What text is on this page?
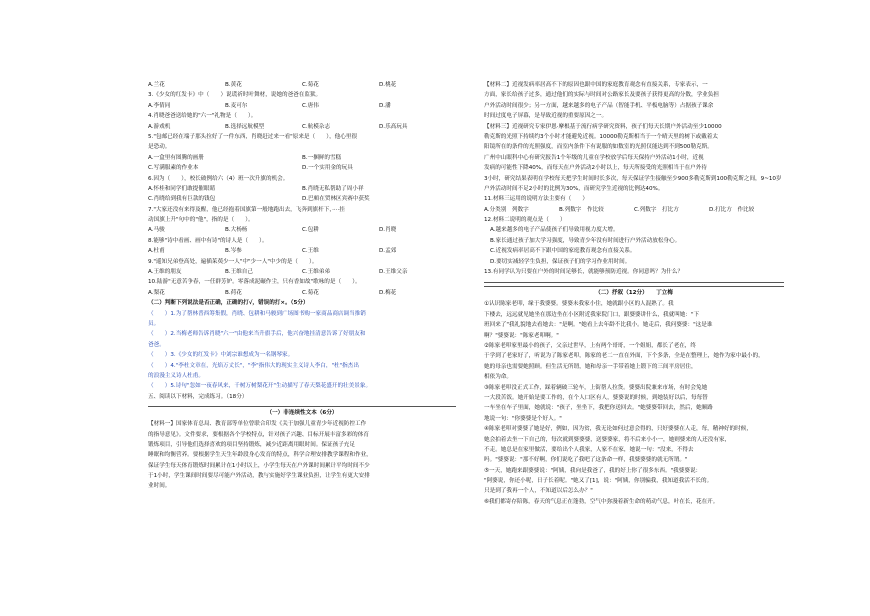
A.兰花	B.黄花	C.菊花	D.桃花
3.《少女的红发卡》中（　　）说谎祈时叶舞材，说她的爸爸在监狱。
A.李倩同	B.麦可尔	C.唐伟	D.潘
4.肖晓爸爸送给她的"六一"礼物是（　　）。
A.游戏机	B.选择远航模型	C.航模杂志	D.乐高玩具
5."包邮已经在端子那头拉好了一件东西，肖晓赶过来一看"原来是（　　），他心里很
是恐动。
A.一盒里有图腾的画册	B.一捆鲜的雪糕
C.写满服素的作业本	D.一个实用金的玩具
6.因为（　　），校长破例给六（4）班一次升旗的机会。
A.怀桂和同学们敢提催眼睛	B.肖晓无私帮助了周小祥
C.肖晓给到我有巨款的钱包	D.巴頓在贸林区宾赛中获奖
7."大家还没有来得及醒，他已经抱着国旗第一般地跑出去，飞奔到旗杆下，····挂
动国旗上升"句中的"他"，指的是（　　）。
A.马骏	B.大杨杨	C.包耕	D.肖晓
8.能够"诗中看画、画中有诗"的诗人是（　　）。
A.杜甫	B.岑参	C.王维	D.孟郊
9."遥知兄弟登高处，遍插茱萸少一人"中"少一人"中少的是（　　）。
A.王维的朋友	B.王维自己	C.王维弟弟	D.王维父亲
10.陆游"无意苦争春，一任群芳妒。零落成泥碾作尘，只有香如故"歌咏的是（　　）。
A.梨花	B.荷花	C.菊花	D.梅花
（二）判断下列说法是否正确，正确的打√，错误的打×。（5分）
（　　）1.为了帮林普西筹集假，肖晓、包耕和马骏到广场图书购一家商品商店调当推销
员。
（　　）2.当梅老师告诉肖晓"六一"由他来当升旗手后，他兴奋地挂清意告诉了好朋友和
爸爸。
（　　）3.《少女的红发卡》中刘宗谁想成为一名钢琴家。
（　　）4."李杜文章在，光焰万丈长"，"李"指伟大的现实主义诗人李白，"杜"指杰出
的浪漫主义诗人杜甫。
（　　）5.诗句"忽如一夜春风来，千树万树梨花开"生动描写了春天梨花盛开的壮美景象。
五、阅读以下材料，完成练习。（18分）
（一）非连续性文本（6分）
【材料一】国家体育总局、教育部等单位曾联合印发《关于加强儿童青少年近视防控工作
的指导意见》。文件要求，要根据各个学校特点，针对孩子兴趣、目标开展丰富多彩的体育
锻炼项目，引导他们选择喜欢的项目坚持锻炼，减少近距离用眼时间。保证孩子充足
睡眠和均衡营养。要根据学生天生年龄段身心发育的特点，科学合理安排教学课程和作业，
保证学生每天体育锻炼时间累计在1小时以上，小学生每天在户外课时间累计平均时间不少
于1小时，学生课间时间要尽可能户外活动，教与实施好学生课业负担，让学生有更大安排
业时间。
【材料二】近视发病率居高不下的原因也跟中国的家庭教育观念有直接关系，专家表示，一
方面，家长给孩子过多，通过他们的实际与时间对公路家长及要孩子获得更高的分数，学业负担
户外活动时间很少；另一方面，越来越多的电子产品（智能手机、平板电脑等）占据孩子课余
时间过度电子屏幕，是导致近视的重要原因之一。
【材料三】近视研究专家伊恩·摩根基于流行病学研究资料，孩子们每天长期户外活动至少10000
勒克斯的光照下持续约3个小时才能避免近视。10000勒克斯相当于一个晴天里的树下或戴着太
阳镜所在的条件的光照强度，而室内条件下有说服的如数室的光照仅能达到不到500勒克斯。
广州中山眼科中心有研究报告1个年级的儿童在学校放学后每天保持户外活动1小时，近视
发病的可能性下降40%，而每天在户外活动2小时以上，每天所接受的光照相当于在户外待
3小时，研究结果表明在学校每天把学生时间时长多次，每天保证学生接触至少900多勒克斯到100勒克斯之间，9~10岁
户外活动时间不足2小时的比例为30%，而研究学生近视的比例达40%。
11.材料三运用的说明方法主要有（　　）
A.分类别　列数字	B.列数字　作比较	C.列数字　打比方	D.打比方　作比较
12.材料二说明的观点是（　　）
A.越来越多的电子产品使孩子们导致用视力度大增。
B.家长通过孩子加大学习强度，导致青少年没有时间进行户外活动放松身心。
C.近视发病率居高不下跟中国的家庭教育观念有直接关系。
D.要切实减轻学生负担，保证孩子们的学习作业用时间。
13.有同学认为只要在户外的时间足够长，就能够预防近视。你同意吗？为什么？
（二）抒叙（12分）　　丁立梅
①认识陈家老叩，缘于我婆婆。婆婆未我家小住，她就跟小区的人混熟了。我
下楼去，远远就见她坐在那边坐在小区附近我家院门口，跟婆婆讲什么，我就叫她："下
班回来了"我礼貌地去看她去："是啊。"她看上去年龄不比我小。她走后，我问婆婆："这是谁
啊？"婆婆说："陈家老叩啊。"
②陈家老叩家里最小的孩子，父亲过世早，上有两个哥哥，一个姐姐，都长了老在，终
于学到了老家好了，听说为了陈家老叩，陈家的老二一直在外面，下个多条，全是在整理上，她作为家中最小的，
她的母亲也需要她照顾。但生活无所谓，她和母亲一手带着她上锻下的三间平房居住，
相依为命。
③陈家老叩没正式工作，踩着辆破三轮车，上街帮人拉货。婆婆出院兼来市场，有时会兔她
一大段苦饭。她开始是要工作的，在个人口区有人，婆婆说的时候，到她装好以后，每每替
一车坐在车子里面，她就说："孩子，坐坐下，我把你送回去。"她婆婆带回去，然后，她顺路
地说一句："你婆婆是个好人。"
④陈家老叩对婆婆了她是好，例如，因为贫，我无论如何过意会得的，只好婆婆在人走，每，精神好的时候，
她会拍着去坐一下自己的，每次就到婆婆婆，送婆婆家，将不后来小小一，她则婆来的人还没有家，
不走。她总是在家里做活，要给出个人我家，人家不在家，她说一句："没来，不得去
吗。"婆婆说："那不好啊，你们说吃了我吧了这条命一样，我婆婆婆的就无所谓。"
⑤一天，她跑来跟婆婆说："阿姨，我向是我爸了，我的好上你了很多东西。"我婆婆说：
"阿婆说，你还小呢，日子长着呢。"她又了[1]，说："阿姨，你别骗我，我知道我活不长的。
只是到了我再一个人，不知道以后怎么办？"
⑥我们都寄存陪陈，春天的气息正在蓬勃，空气中弥漫着新生命的萌动气息，叶在长，花在开。
